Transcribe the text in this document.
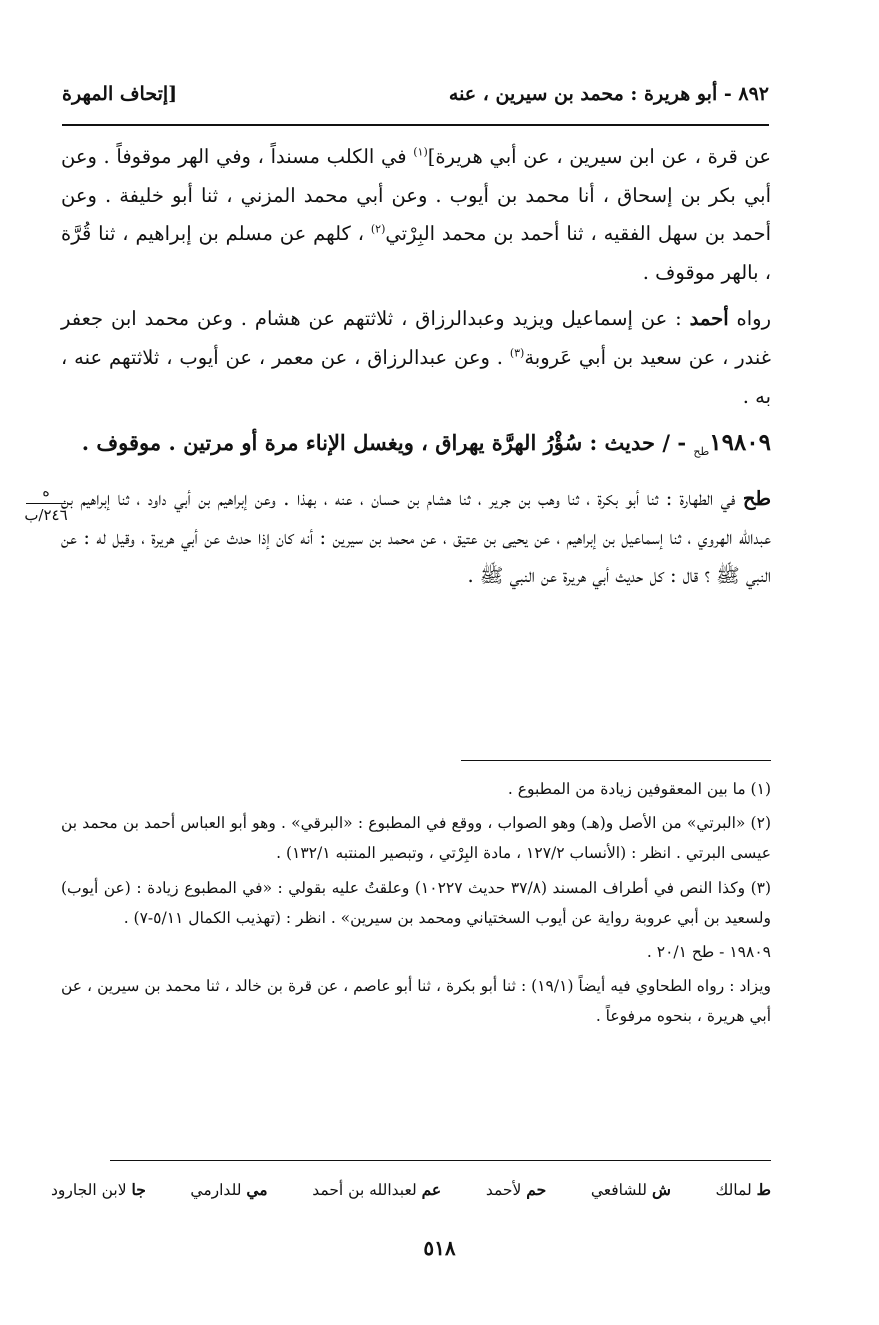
٨٩٢ - أبو هريرة : محمد بن سيرين ، عنه
[إتحاف المهرة

عن قرة ، عن ابن سيرين ، عن أبي هريرة]$^{(١)}$ في الكلب مسنداً ، وفي الهر موقوفاً . وعن أبي بكر بن إسحاق ، أنا محمد بن أيوب . وعن أبي محمد المزني ، ثنا أبو خليفة . وعن أحمد بن سهل الفقيه ، ثنا أحمد بن محمد البِرْتي$^{(٢)}$ ، كلهم عن مسلم بن إبراهيم ، ثنا قُرَّة ، بالهر موقوف .

رواه أحمد : عن إسماعيل ويزيد وعبدالرزاق ، ثلاثتهم عن هشام . وعن محمد ابن جعفر غندر ، عن سعيد بن أبي عَروبة$^{(٣)}$ . وعن عبدالرزاق ، عن معمر ، عن أيوب ، ثلاثتهم عنه ، به .

$١٩٨٠٩_{طح}$ - / حديث : سُؤْرُ الهرَّة يهراق ، ويغسل الإناء مرة أو مرتين . موقوف .

طح في الطهارة : ثنا أبو بكرة ، ثنا وهب بن جرير ، ثنا هشام بن حسان ، عنه ، بهذا . وعن إبراهيم بن أبي داود ، ثنا إبراهيم بن عبدالله الهروي ، ثنا إسماعيل بن إبراهيم ، عن يحيى بن عتيق ، عن محمد بن سيرين : أنه كان إذا حدث عن أبي هريرة ، وقيل له : عن النبي ﷺ ؟ قال : كل حديث أبي هريرة عن النبي ﷺ .

ە
٢٤٦/ب

(١) ما بين المعقوفين زيادة من المطبوع .

(٢) «البرتي» من الأصل و(هـ) وهو الصواب ، ووقع في المطبوع : «البرقي» . وهو أبو العباس أحمد بن محمد بن عيسى البرتي . انظر : (الأنساب ١٢٧/٢ ، مادة البِرْتي ، وتبصير المنتبه ١٣٢/١) .

(٣) وكذا النص في أطراف المسند (٣٧/٨ حديث ١٠٢٢٧) وعلقتُ عليه بقولي : «في المطبوع زيادة : (عن أيوب) ولسعيد بن أبي عروبة رواية عن أيوب السختياني ومحمد بن سيرين» . انظر : (تهذيب الكمال ٥/١١-٧) .

١٩٨٠٩ - طح ٢٠/١ .

ويزاد : رواه الطحاوي فيه أيضاً (١٩/١) : ثنا أبو بكرة ، ثنا أبو عاصم ، عن قرة بن خالد ، ثنا محمد بن سيرين ، عن أبي هريرة ، بنحوه مرفوعاً .

ط لمالك
ش للشافعي
حم لأحمد
عم لعبدالله بن أحمد
مي للدارمي
جا لابن الجارود
٥١٨
